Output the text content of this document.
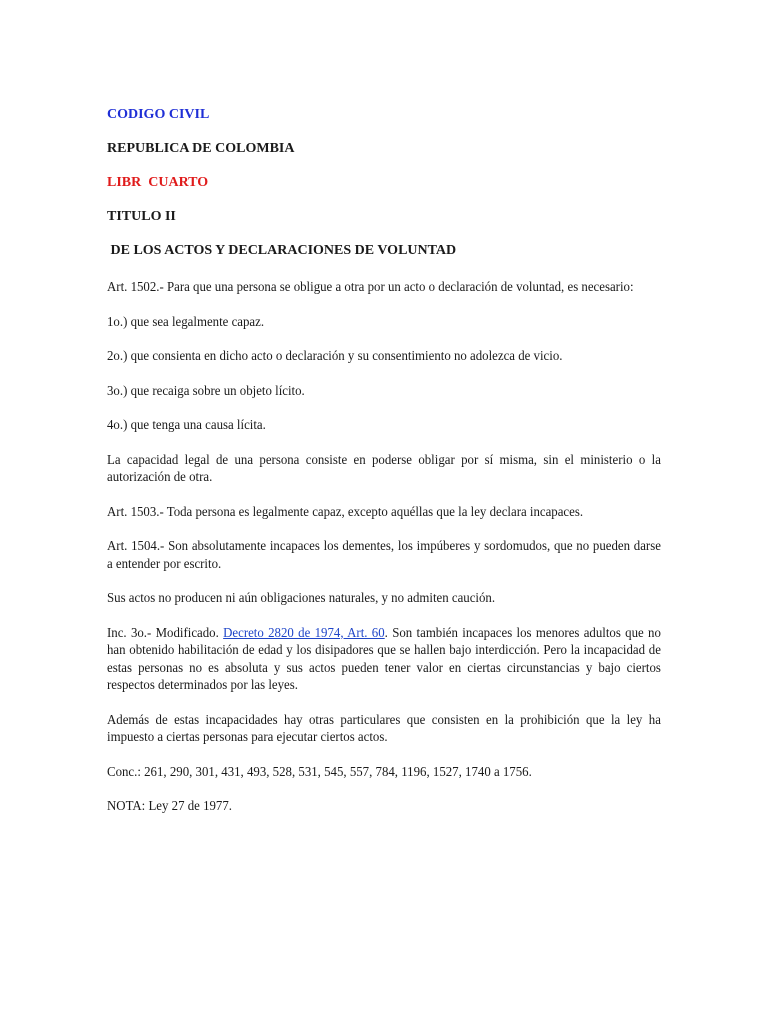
CODIGO CIVIL
REPUBLICA DE COLOMBIA
LIBR  CUARTO
TITULO II
DE LOS ACTOS Y DECLARACIONES DE VOLUNTAD

Art. 1502.- Para que una persona se obligue a otra por un acto o declaración de voluntad, es necesario:

1o.) que sea legalmente capaz.

2o.) que consienta en dicho acto o declaración y su consentimiento no adolezca de vicio.

3o.) que recaiga sobre un objeto lícito.

4o.) que tenga una causa lícita.

La capacidad legal de una persona consiste en poderse obligar por sí misma, sin el ministerio o la autorización de otra.

Art. 1503.- Toda persona es legalmente capaz, excepto aquéllas que la ley declara incapaces.

Art. 1504.- Son absolutamente incapaces los dementes, los impúberes y sordomudos, que no pueden darse a entender por escrito.

Sus actos no producen ni aún obligaciones naturales, y no admiten caución.

Inc. 3o.- Modificado. Decreto 2820 de 1974, Art. 60. Son también incapaces los menores adultos que no han obtenido habilitación de edad y los disipadores que se hallen bajo interdicción. Pero la incapacidad de estas personas no es absoluta y sus actos pueden tener valor en ciertas circunstancias y bajo ciertos respectos determinados por las leyes.

Además de estas incapacidades hay otras particulares que consisten en la prohibición que la ley ha impuesto a ciertas personas para ejecutar ciertos actos.

Conc.: 261, 290, 301, 431, 493, 528, 531, 545, 557, 784, 1196, 1527, 1740 a 1756.

NOTA: Ley 27 de 1977.
